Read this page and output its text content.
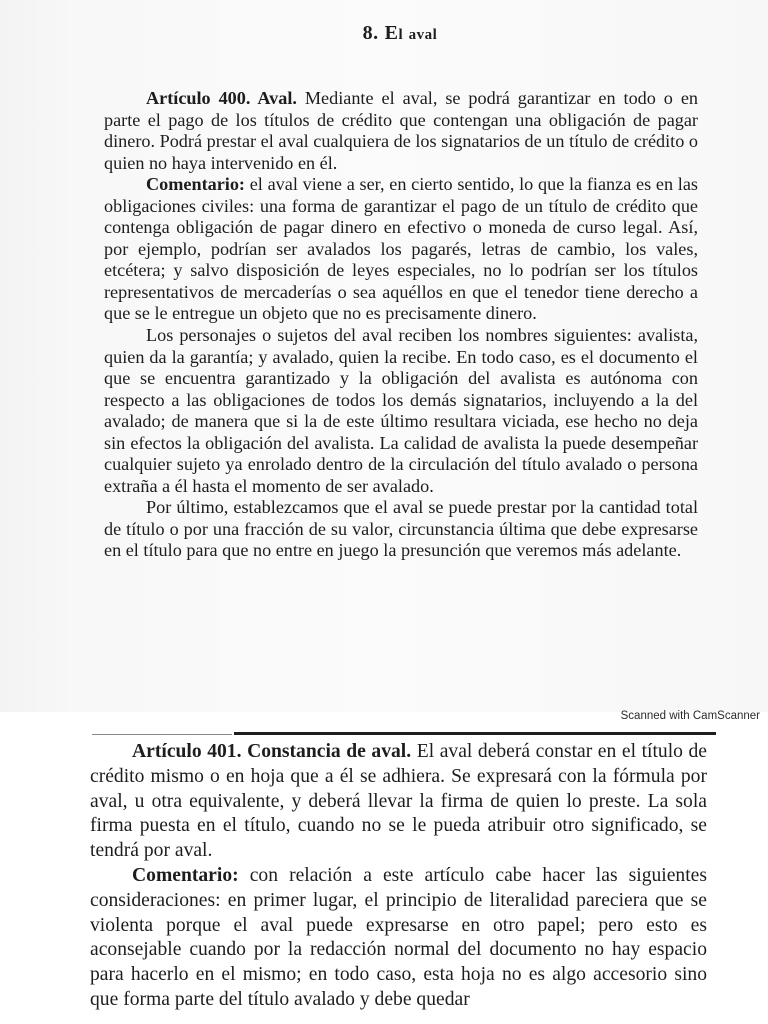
8. El aval

Artículo 400. Aval. Mediante el aval, se podrá garantizar en todo o en parte el pago de los títulos de crédito que contengan una obligación de pagar dinero. Podrá prestar el aval cualquiera de los signatarios de un título de crédito o quien no haya intervenido en él.

Comentario: el aval viene a ser, en cierto sentido, lo que la fianza es en las obligaciones civiles: una forma de garantizar el pago de un título de crédito que contenga obligación de pagar dinero en efectivo o moneda de curso legal. Así, por ejemplo, podrían ser avalados los pagarés, letras de cambio, los vales, etcétera; y salvo disposición de leyes especiales, no lo podrían ser los títulos representativos de mercaderías o sea aquéllos en que el tenedor tiene derecho a que se le entregue un objeto que no es precisamente dinero.

Los personajes o sujetos del aval reciben los nombres siguientes: avalista, quien da la garantía; y avalado, quien la recibe. En todo caso, es el documento el que se encuentra garantizado y la obligación del avalista es autónoma con respecto a las obligaciones de todos los demás signatarios, incluyendo a la del avalado; de manera que si la de este último resultara viciada, ese hecho no deja sin efectos la obligación del avalista. La calidad de avalista la puede desempeñar cualquier sujeto ya enrolado dentro de la circulación del título avalado o persona extraña a él hasta el momento de ser avalado.

Por último, establezcamos que el aval se puede prestar por la cantidad total de título o por una fracción de su valor, circunstancia última que debe expresarse en el título para que no entre en juego la presunción que veremos más adelante.

Scanned with CamScanner

Artículo 401. Constancia de aval. El aval deberá constar en el título de crédito mismo o en hoja que a él se adhiera. Se expresará con la fórmula por aval, u otra equivalente, y deberá llevar la firma de quien lo preste. La sola firma puesta en el título, cuando no se le pueda atribuir otro significado, se tendrá por aval.

Comentario: con relación a este artículo cabe hacer las siguientes consideraciones: en primer lugar, el principio de literalidad pareciera que se violenta porque el aval puede expresarse en otro papel; pero esto es aconsejable cuando por la redacción normal del documento no hay espacio para hacerlo en el mismo; en todo caso, esta hoja no es algo accesorio sino que forma parte del título avalado y debe quedar
